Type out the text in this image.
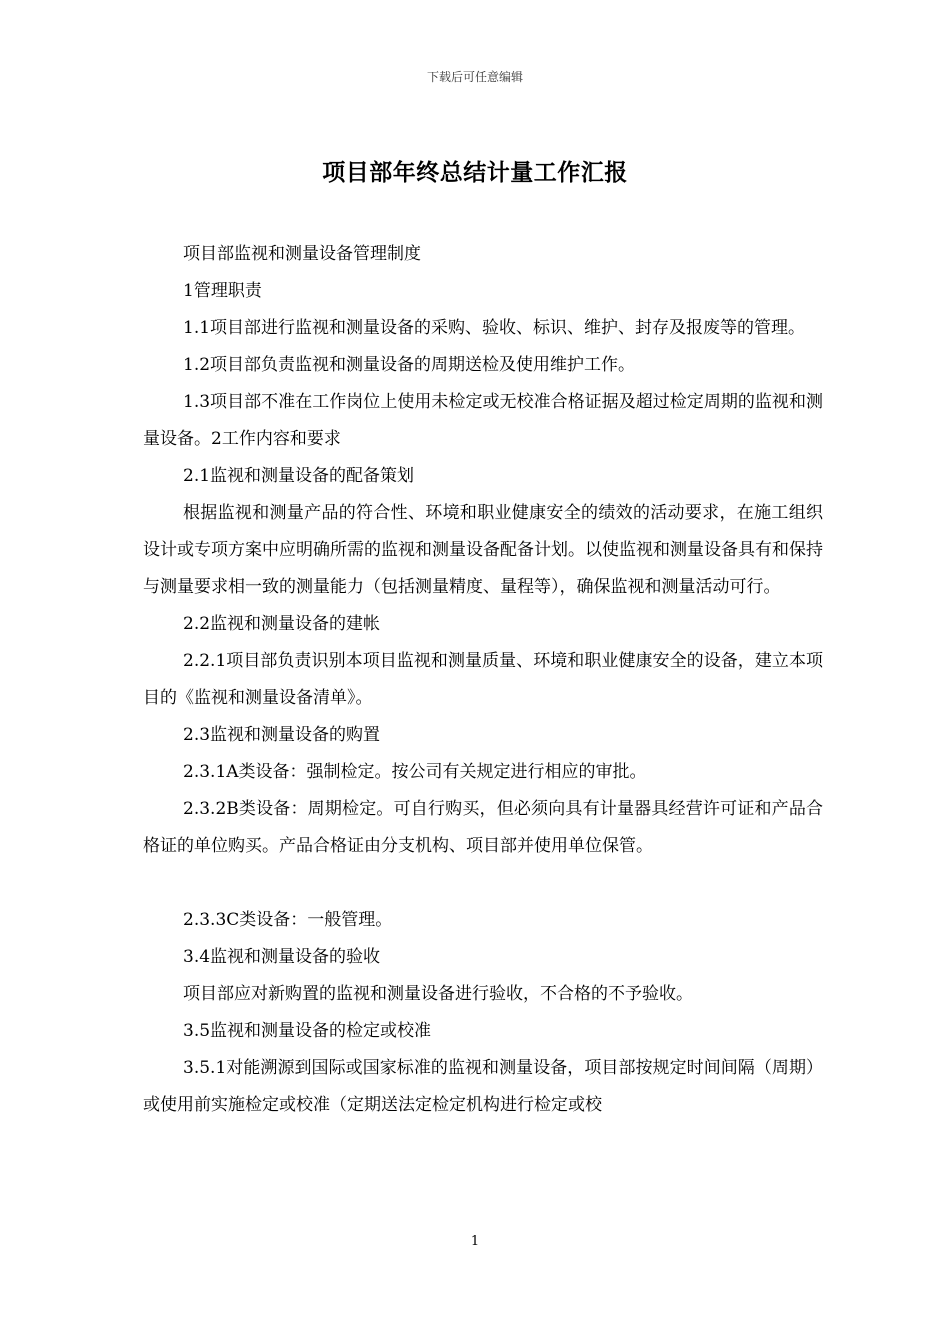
下载后可任意编辑
项目部年终总结计量工作汇报

项目部监视和测量设备管理制度

1管理职责

1.1项目部进行监视和测量设备的采购、验收、标识、维护、封存及报废等的管理。

1.2项目部负责监视和测量设备的周期送检及使用维护工作。

1.3项目部不准在工作岗位上使用未检定或无校准合格证据及超过检定周期的监视和测量设备。2工作内容和要求

2.1监视和测量设备的配备策划

根据监视和测量产品的符合性、环境和职业健康安全的绩效的活动要求，在施工组织设计或专项方案中应明确所需的监视和测量设备配备计划。以使监视和测量设备具有和保持与测量要求相一致的测量能力（包括测量精度、量程等），确保监视和测量活动可行。

2.2监视和测量设备的建帐

2.2.1项目部负责识别本项目监视和测量质量、环境和职业健康安全的设备，建立本项目的《监视和测量设备清单》。

2.3监视和测量设备的购置

2.3.1A类设备：强制检定。按公司有关规定进行相应的审批。

2.3.2B类设备：周期检定。可自行购买，但必须向具有计量器具经营许可证和产品合格证的单位购买。产品合格证由分支机构、项目部并使用单位保管。

2.3.3C类设备：一般管理。

3.4监视和测量设备的验收

项目部应对新购置的监视和测量设备进行验收，不合格的不予验收。

3.5监视和测量设备的检定或校准

3.5.1对能溯源到国际或国家标准的监视和测量设备，项目部按规定时间间隔（周期）或使用前实施检定或校准（定期送法定检定机构进行检定或校

1
